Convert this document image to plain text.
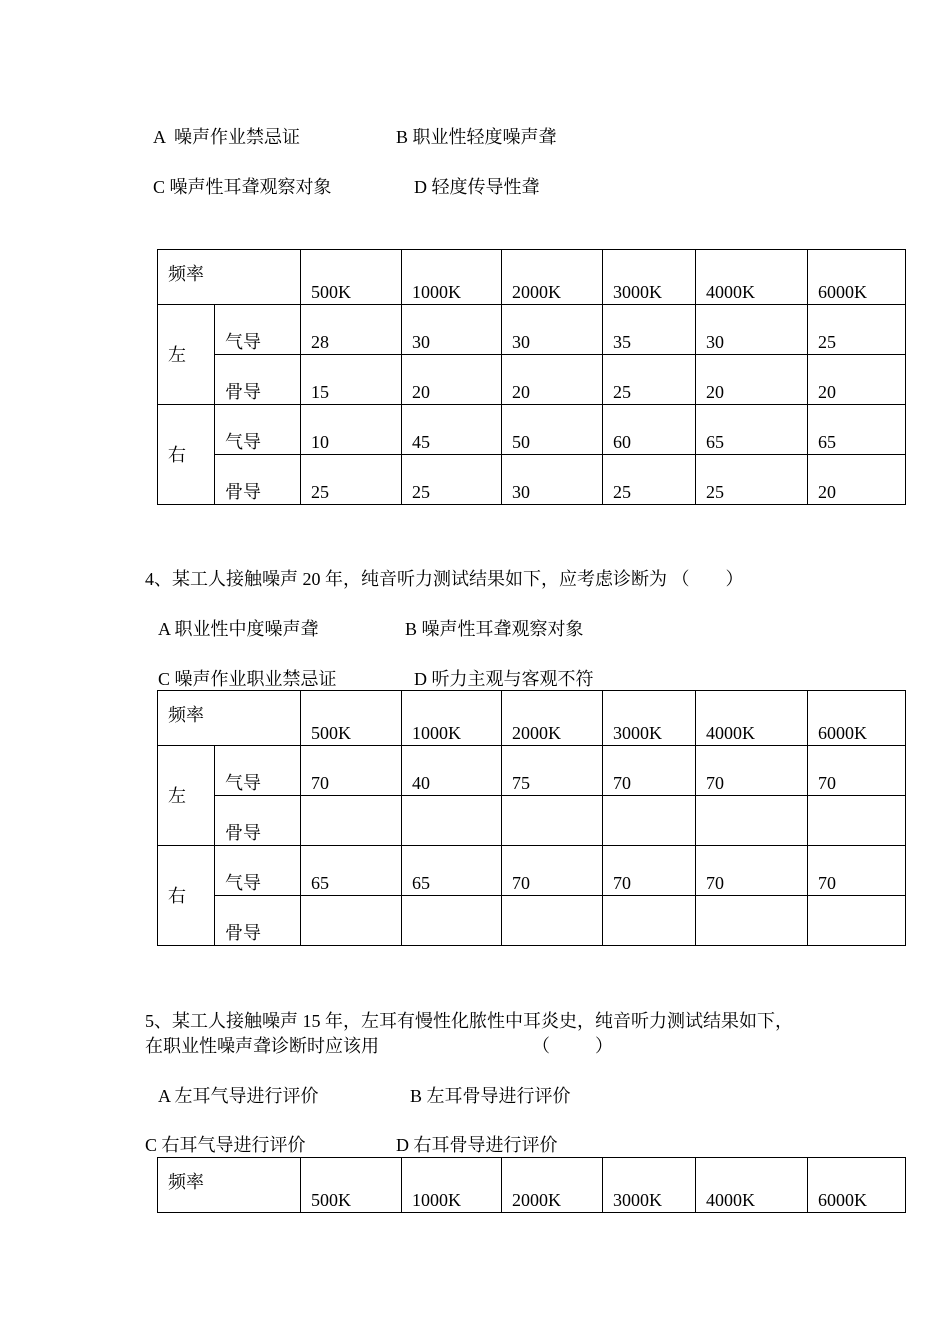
A  噪声作业禁忌证	B 职业性轻度噪声聋
C 噪声性耳聋观察对象	D 轻度传导性聋
频率		500K	1000K	2000K	3000K	4000K	6000K
左	气导	28	30	30	35	30	25
	骨导	15	20	20	25	20	20
右	气导	10	45	50	60	65	65
	骨导	25	25	30	25	25	20
4、某工人接触噪声 20 年，纯音听力测试结果如下，应考虑诊断为 （        ）
A 职业性中度噪声聋	B 噪声性耳聋观察对象
C 噪声作业职业禁忌证	D 听力主观与客观不符
频率		500K	1000K	2000K	3000K	4000K	6000K
左	气导	70	40	75	70	70	70
	骨导						
右	气导	65	65	70	70	70	70
	骨导						
5、某工人接触噪声 15 年，左耳有慢性化脓性中耳炎史，纯音听力测试结果如下，
在职业性噪声聋诊断时应该用                                  （          ）
A 左耳气导进行评价	B 左耳骨导进行评价
C 右耳气导进行评价	D 右耳骨导进行评价
频率	500K	1000K	2000K	3000K	4000K	6000K
